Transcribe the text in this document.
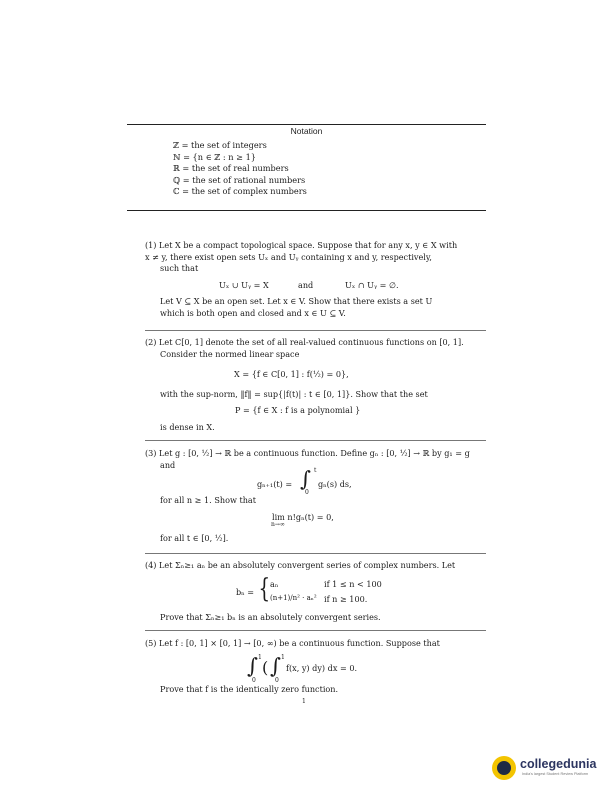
Notation
ℤ = the set of integers
ℕ = {n ∈ ℤ : n ≥ 1}
ℝ = the set of real numbers
ℚ = the set of rational numbers
ℂ = the set of complex numbers
(1) Let X be a compact topological space. Suppose that for any x, y ∈ X with
x ≠ y, there exist open sets Uₓ and Uᵧ containing x and y, respectively,
such that
Uₓ ∪ Uᵧ = X	and	Uₓ ∩ Uᵧ = ∅.
Let V ⊆ X be an open set. Let x ∈ V. Show that there exists a set U
which is both open and closed and x ∈ U ⊆ V.
(2) Let C[0, 1] denote the set of all real-valued continuous functions on [0, 1].
Consider the normed linear space
X = {f ∈ C[0, 1] : f(½) = 0},
with the sup-norm, ‖f‖ = sup{|f(t)| : t ∈ [0, 1]}. Show that the set
P = {f ∈ X : f is a polynomial }
is dense in X.
(3) Let g : [0, ½] → ℝ be a continuous function. Define gₙ : [0, ½] → ℝ by g₁ = g
and
gₙ₊₁(t) = ∫ t
0
gₙ(s) ds,
for all n ≥ 1. Show that
lim n!gₙ(t) = 0,
n→∞
for all t ∈ [0, ½].
(4) Let Σₙ≥₁ aₙ be an absolutely convergent series of complex numbers. Let
bₙ = { aₙ	if 1 ≤ n < 100
(n+1)/n² · aₙ² if n ≥ 100.
Prove that Σₙ≥₁ bₙ is an absolutely convergent series.
(5) Let f : [0, 1] × [0, 1] → [0, ∞) be a continuous function. Suppose that
∫ 1
0
( ∫ 1
0
f(x, y) dy) dx = 0.
Prove that f is the identically zero function.
1
collegedunia
India's largest Student Review Platform
